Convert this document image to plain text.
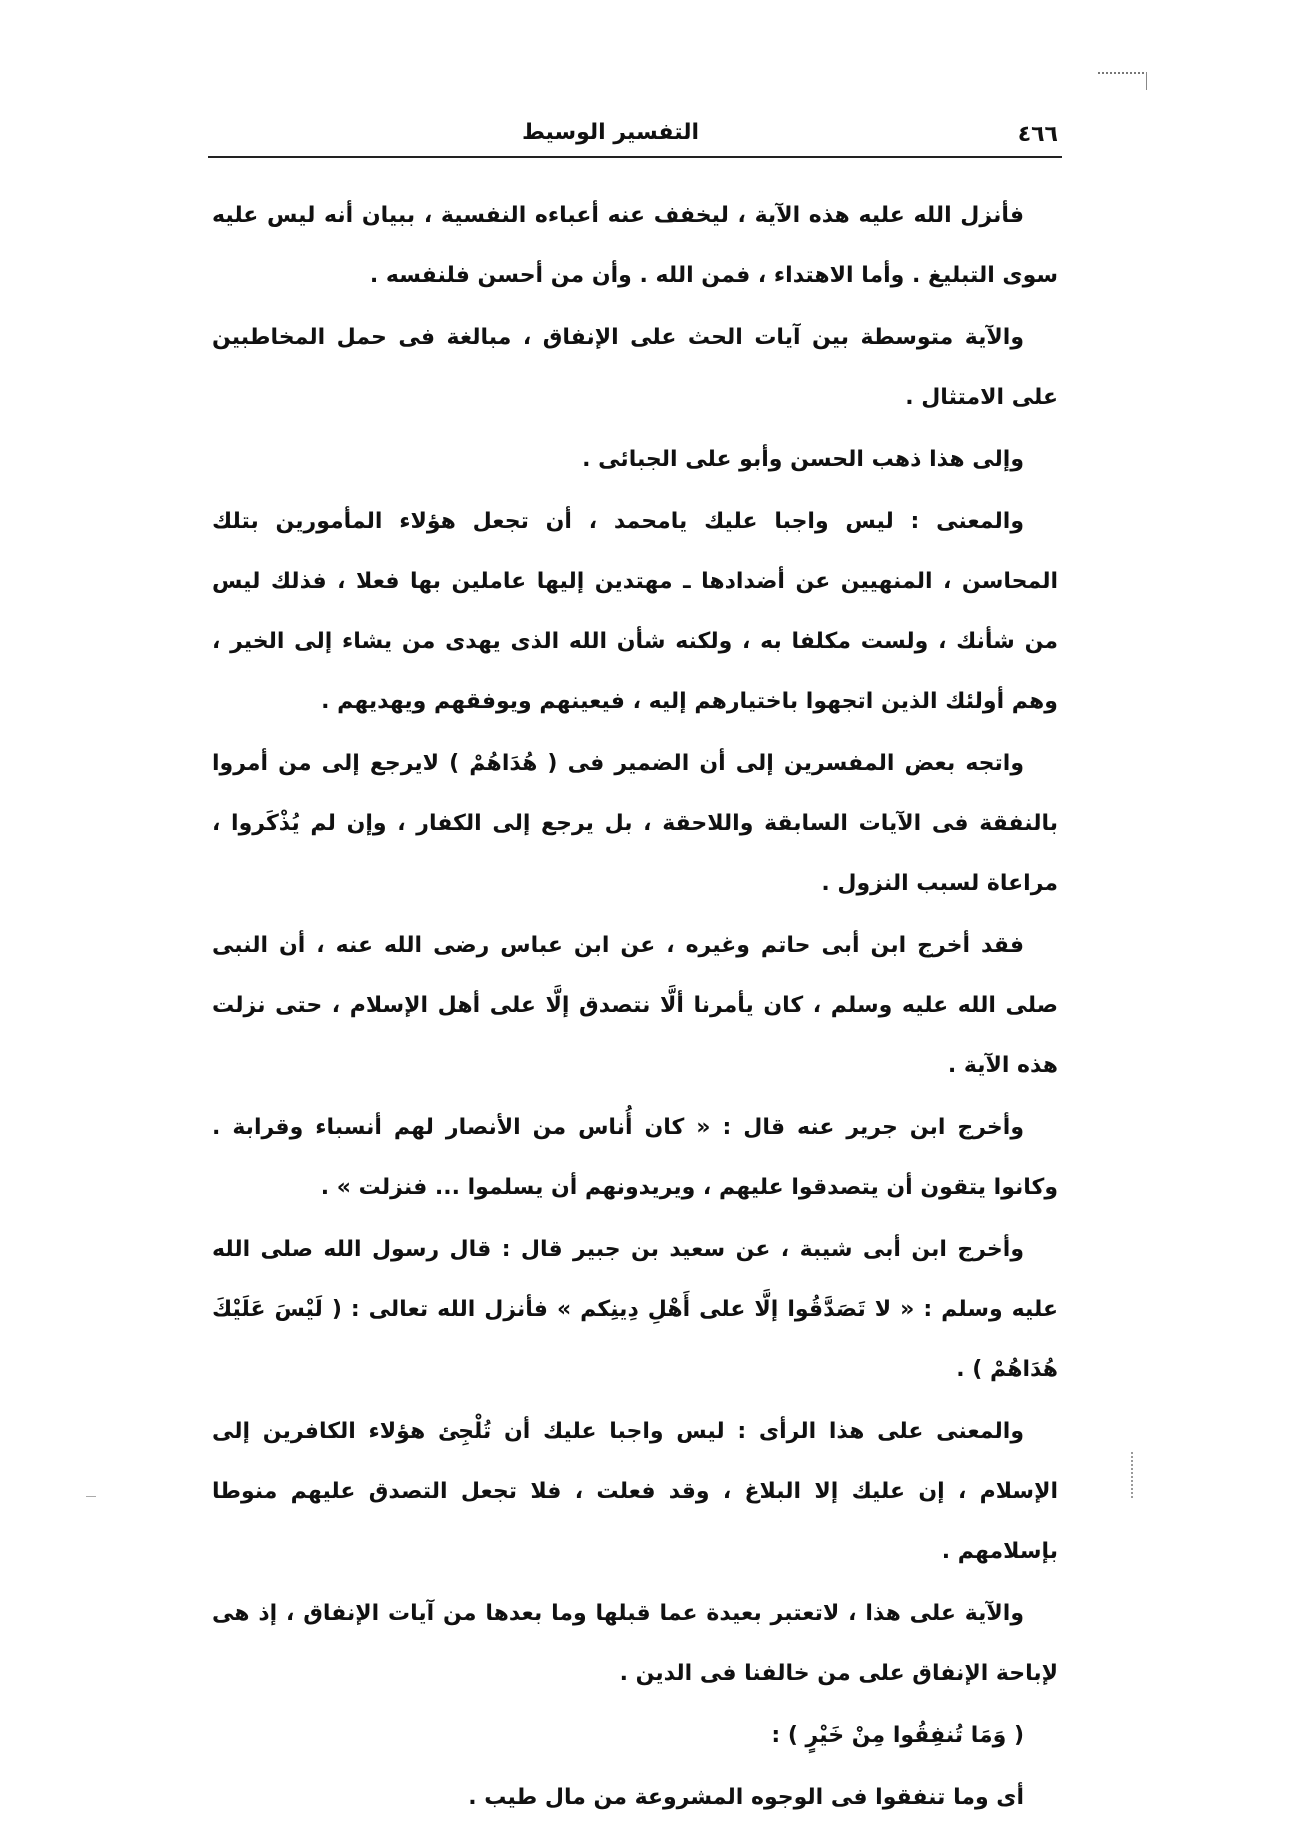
٤٦٦
التفسير الوسيط

فأنزل الله عليه هذه الآية ، ليخفف عنه أعباءه النفسية ، ببيان أنه ليس عليه سوى التبليغ . وأما الاهتداء ، فمن الله . وأن من أحسن فلنفسه .

والآية متوسطة بين آيات الحث على الإنفاق ، مبالغة فى حمل المخاطبين على الامتثال .

وإلى هذا ذهب الحسن وأبو على الجبائى .

والمعنى : ليس واجبا عليك يامحمد ، أن تجعل هؤلاء المأمورين بتلك المحاسن ، المنهيين عن أضدادها ـ مهتدين إليها عاملين بها فعلا ، فذلك ليس من شأنك ، ولست مكلفا به ، ولكنه شأن الله الذى يهدى من يشاء إلى الخير ، وهم أولئك الذين اتجهوا باختيارهم إليه ، فيعينهم ويوفقهم ويهديهم .

واتجه بعض المفسرين إلى أن الضمير فى ( هُدَاهُمْ ) لايرجع إلى من أمروا بالنفقة فى الآيات السابقة واللاحقة ، بل يرجع إلى الكفار ، وإن لم يُذْكَروا ، مراعاة لسبب النزول .

فقد أخرج ابن أبى حاتم وغيره ، عن ابن عباس رضى الله عنه ، أن النبى صلى الله عليه وسلم ، كان يأمرنا ألَّا نتصدق إلَّا على أهل الإسلام ، حتى نزلت هذه الآية .

وأخرج ابن جرير عنه قال : « كان أُناس من الأنصار لهم أنسباء وقرابة . وكانوا يتقون أن يتصدقوا عليهم ، ويريدونهم أن يسلموا ... فنزلت » .

وأخرج ابن أبى شيبة ، عن سعيد بن جبير قال : قال رسول الله صلى الله عليه وسلم : « لا تَصَدَّقُوا إلَّا على أَهْلِ دِينِكم » فأنزل الله تعالى : ( لَيْسَ عَلَيْكَ هُدَاهُمْ ) .

والمعنى على هذا الرأى : ليس واجبا عليك أن تُلْجِئ هؤلاء الكافرين إلى الإسلام ، إن عليك إلا البلاغ ، وقد فعلت ، فلا تجعل التصدق عليهم منوطا بإسلامهم .

والآية على هذا ، لاتعتبر بعيدة عما قبلها وما بعدها من آيات الإنفاق ، إذ هى لإباحة الإنفاق على من خالفنا فى الدين .

( وَمَا تُنفِقُوا مِنْ خَيْرٍ ) :

أى وما تنفقوا فى الوجوه المشروعة من مال طيب .
